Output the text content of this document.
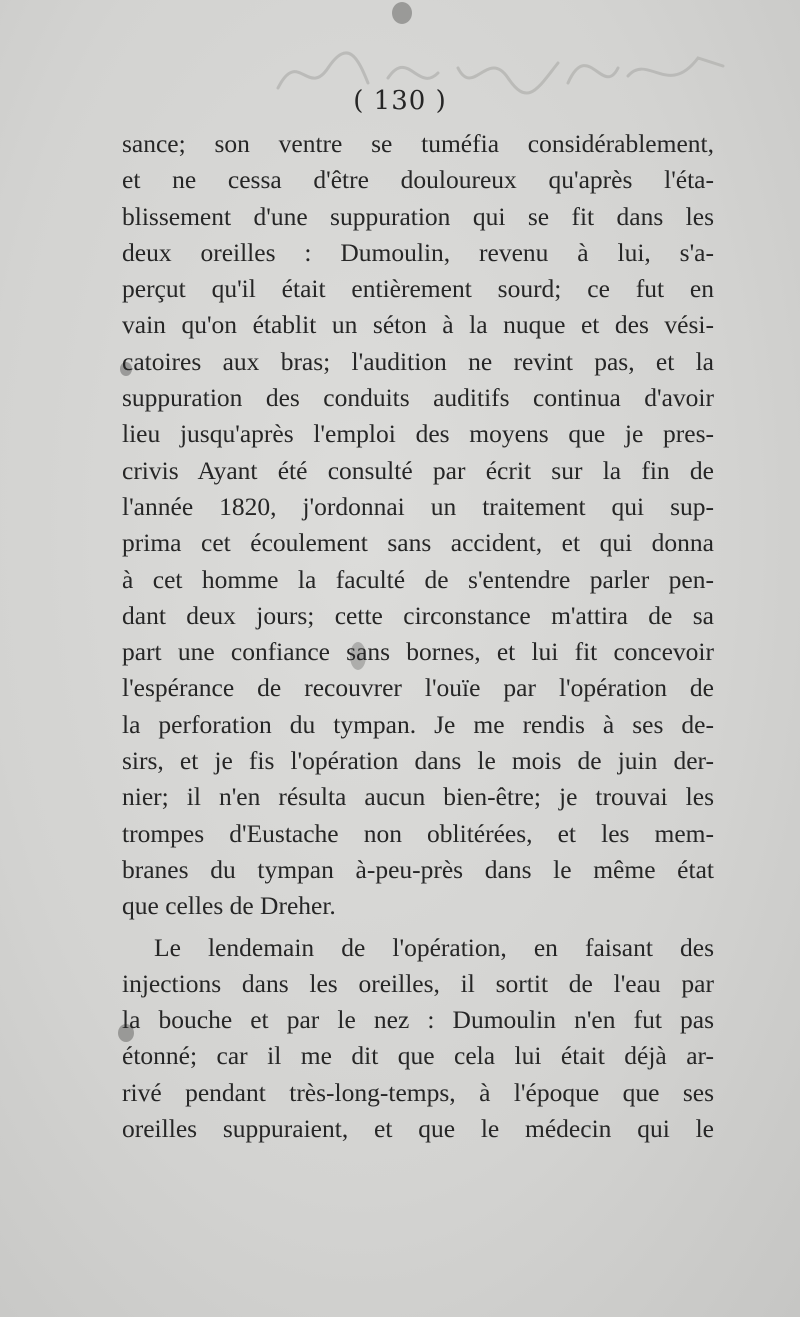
( 130 )
sance; son ventre se tuméfia considérablement,
et ne cessa d'être douloureux qu'après l'éta-
blissement d'une suppuration qui se fit dans les
deux oreilles : Dumoulin, revenu à lui, s'a-
perçut qu'il était entièrement sourd; ce fut en
vain qu'on établit un séton à la nuque et des vési-
catoires aux bras; l'audition ne revint pas, et la
suppuration des conduits auditifs continua d'avoir
lieu jusqu'après l'emploi des moyens que je pres-
crivis Ayant été consulté par écrit sur la fin de
l'année 1820, j'ordonnai un traitement qui sup-
prima cet écoulement sans accident, et qui donna
à cet homme la faculté de s'entendre parler pen-
dant deux jours; cette circonstance m'attira de sa
part une confiance sans bornes, et lui fit concevoir
l'espérance de recouvrer l'ouïe par l'opération de
la perforation du tympan. Je me rendis à ses de-
sirs, et je fis l'opération dans le mois de juin der-
nier; il n'en résulta aucun bien-être; je trouvai les
trompes d'Eustache non oblitérées, et les mem-
branes du tympan à-peu-près dans le même état
que celles de Dreher.
Le lendemain de l'opération, en faisant des
injections dans les oreilles, il sortit de l'eau par
la bouche et par le nez : Dumoulin n'en fut pas
étonné; car il me dit que cela lui était déjà ar-
rivé pendant très-long-temps, à l'époque que ses
oreilles suppuraient, et que le médecin qui le
